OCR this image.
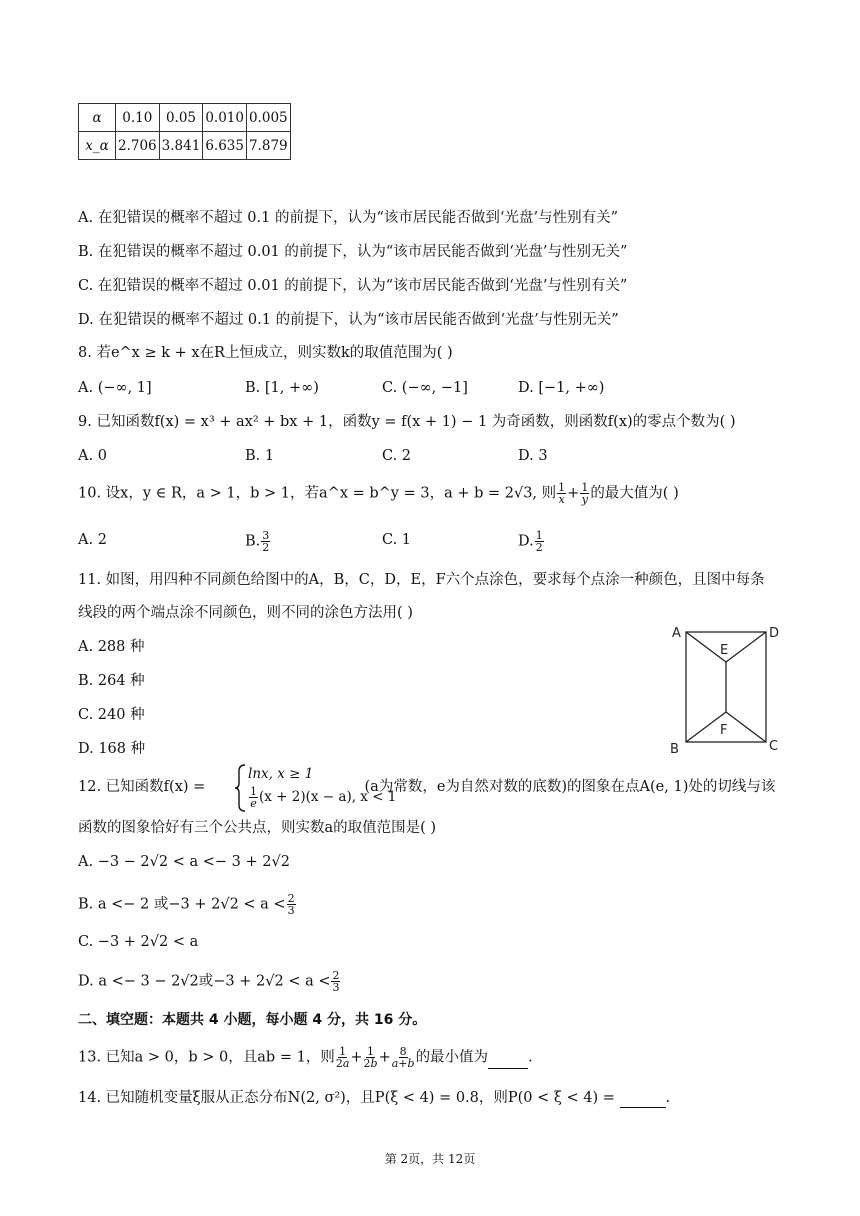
α	0.10	0.05	0.010	0.005
x_α	2.706	3.841	6.635	7.879
A. 在犯错误的概率不超过 0.1 的前提下，认为“该市居民能否做到‘光盘’与性别有关”
B. 在犯错误的概率不超过 0.01 的前提下，认为“该市居民能否做到‘光盘’与性别无关”
C. 在犯错误的概率不超过 0.01 的前提下，认为“该市居民能否做到‘光盘’与性别有关”
D. 在犯错误的概率不超过 0.1 的前提下，认为“该市居民能否做到‘光盘’与性别无关”
8. 若e^x ≥ k + x在R上恒成立，则实数k的取值范围为( )
A. (−∞, 1]	B. [1, +∞)	C. (−∞, −1]	D. [−1, +∞)
9. 已知函数f(x) = x³ + ax² + bx + 1，函数y = f(x + 1) − 1 为奇函数，则函数f(x)的零点个数为( )
A. 0	B. 1	C. 2	D. 3
10. 设x，y ∈ R，a > 1，b > 1，若a^x = b^y = 3，a + b = 2√3, 则 $\frac{1}{x} + \frac{1}{y}$ 的最大值为( )
A. 2	B. $\frac{3}{2}$	C. 1	D. $\frac{1}{2}$
11. 如图，用四种不同颜色给图中的A，B，C，D，E，F六个点涂色，要求每个点涂一种颜色，且图中每条
线段的两个端点涂不同颜色，则不同的涂色方法用( )
A. 288 种
B. 264 种
C. 240 种
D. 168 种
A	D
E
F
B	C
12. 已知函数f(x) =	(a为常数，e为自然对数的底数)的图象在点A(e, 1)处的切线与该
lnx, x ≥ 1
$\frac{1}{e} (x + 2)(x - a)$, x < 1
函数的图象恰好有三个公共点，则实数a的取值范围是( )
A. −3 − 2√2 < a <− 3 + 2√2
B. a <− 2 或$-3 + 2√2 < a < \frac{2}{3}$
C. −3 + 2√2 < a
D. a <− 3 − 2√2或$-3 + 2√2 < a < \frac{2}{3}$
二、填空题：本题共 4 小题，每小题 4 分，共 16 分。
13. 已知a > 0，b > 0，且ab = 1，则 $\frac{1}{2a} + \frac{1}{2b} + \frac{8}{a+b}$ 的最小值为	.
14. 已知随机变量ξ服从正态分布N(2, σ²)，且P(ξ < 4) = 0.8，则P(0 < ξ < 4) =	.
第 2页，共 12页
